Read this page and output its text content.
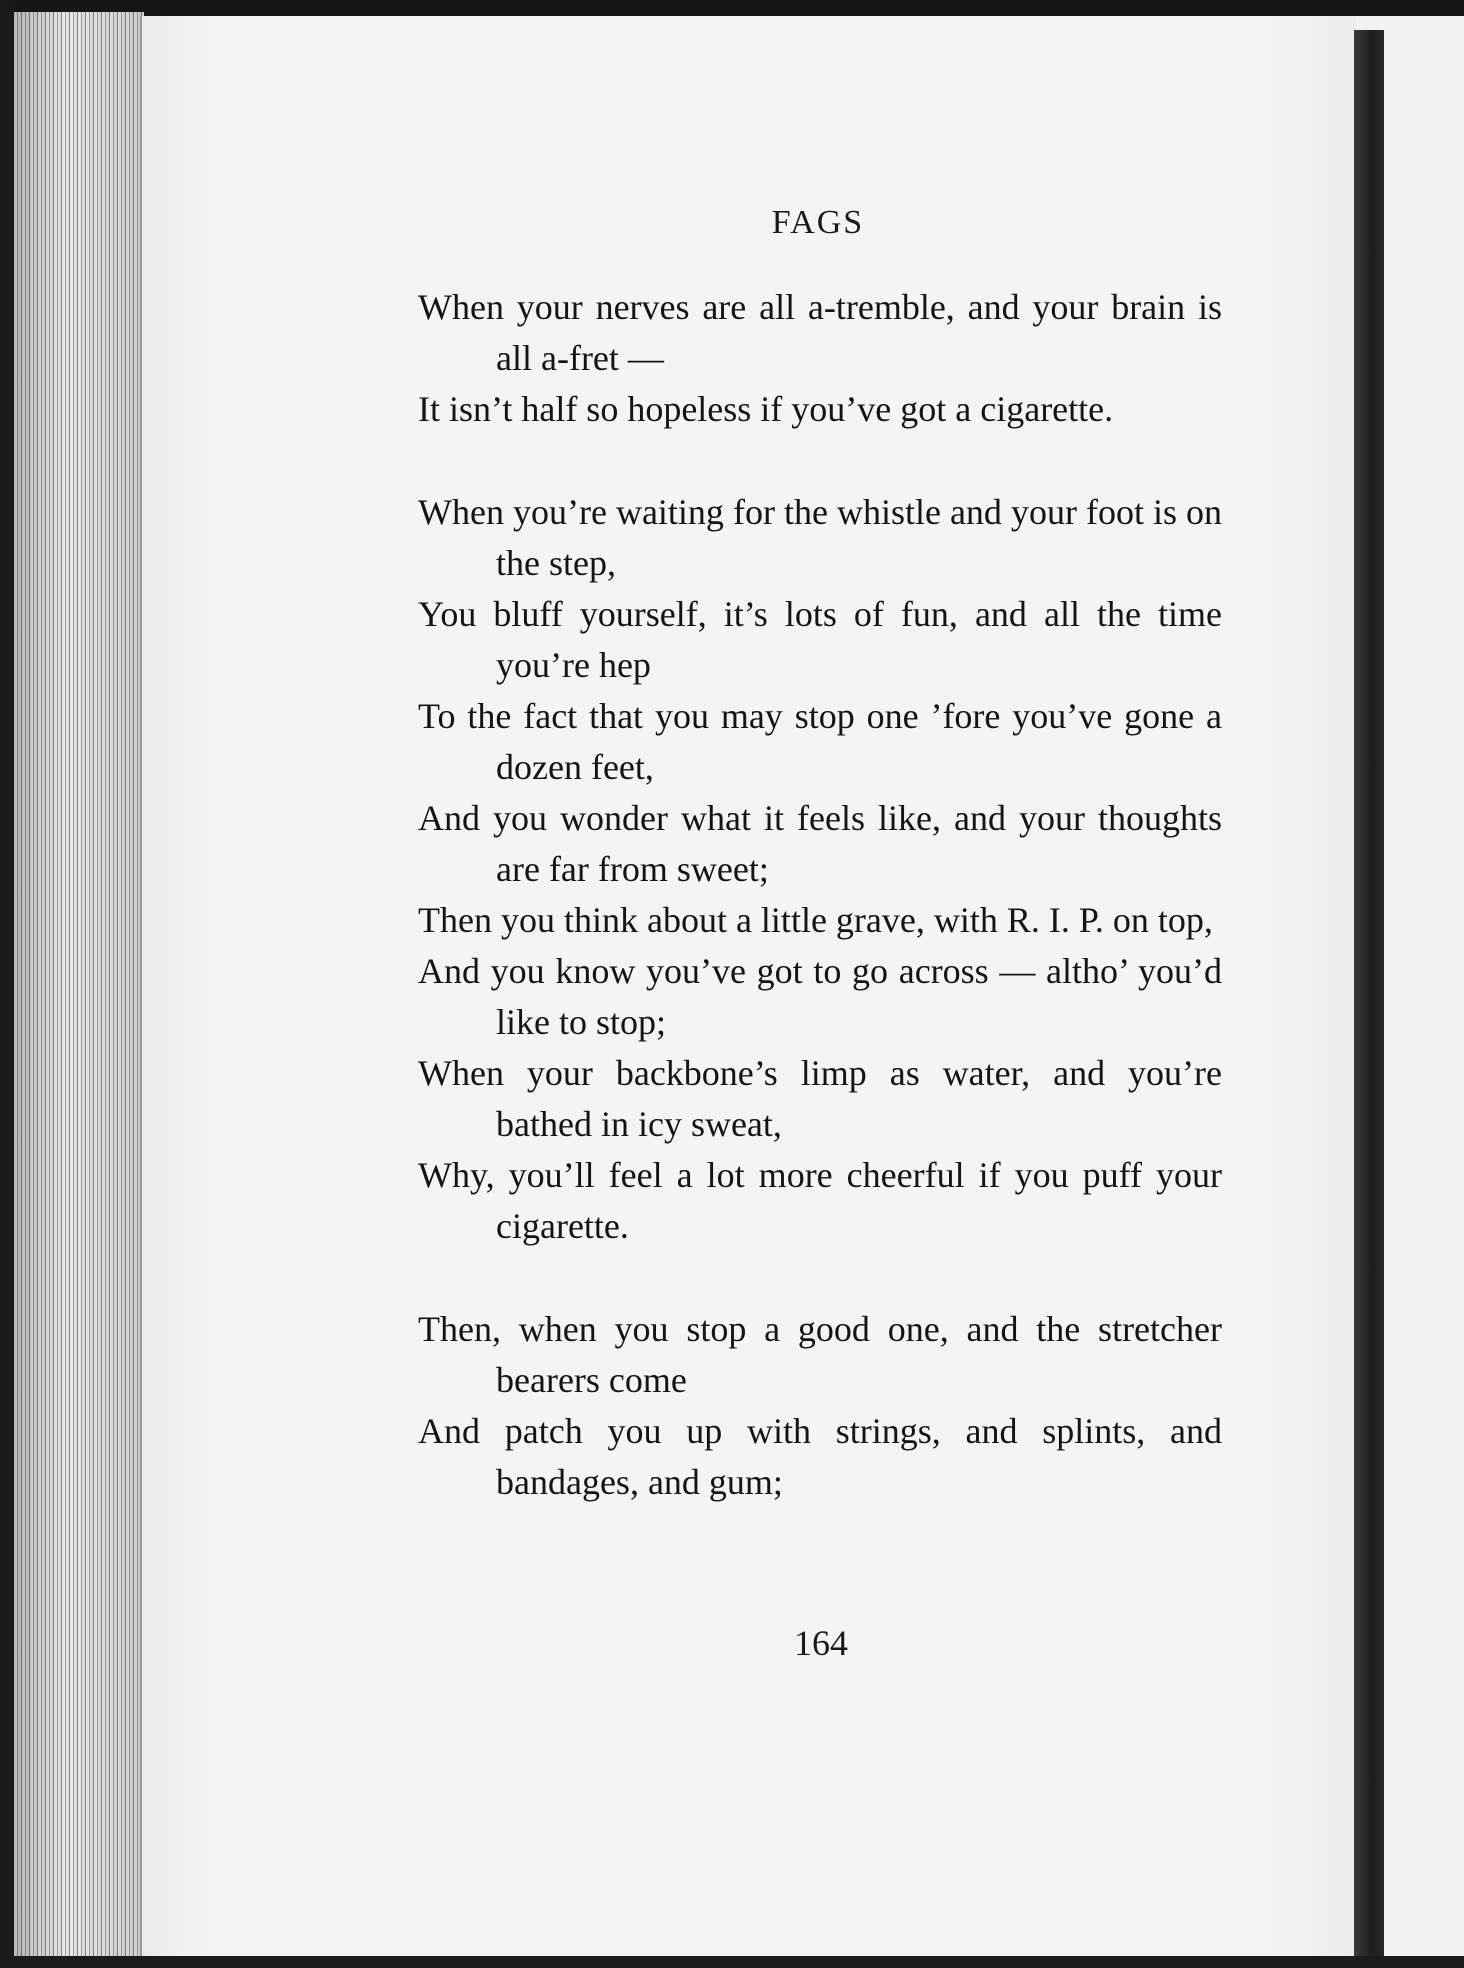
FAGS

When your nerves are all a-tremble, and your brain is all a-fret —

It isn’t half so hopeless if you’ve got a cigarette.

When you’re waiting for the whistle and your foot is on the step,

You bluff yourself, it’s lots of fun, and all the time you’re hep

To the fact that you may stop one ’fore you’ve gone a dozen feet,

And you wonder what it feels like, and your thoughts are far from sweet;

Then you think about a little grave, with R. I. P. on top,

And you know you’ve got to go across — altho’ you’d like to stop;

When your backbone’s limp as water, and you’re bathed in icy sweat,

Why, you’ll feel a lot more cheerful if you puff your cigarette.

Then, when you stop a good one, and the stretcher bearers come

And patch you up with strings, and splints, and bandages, and gum;

164
